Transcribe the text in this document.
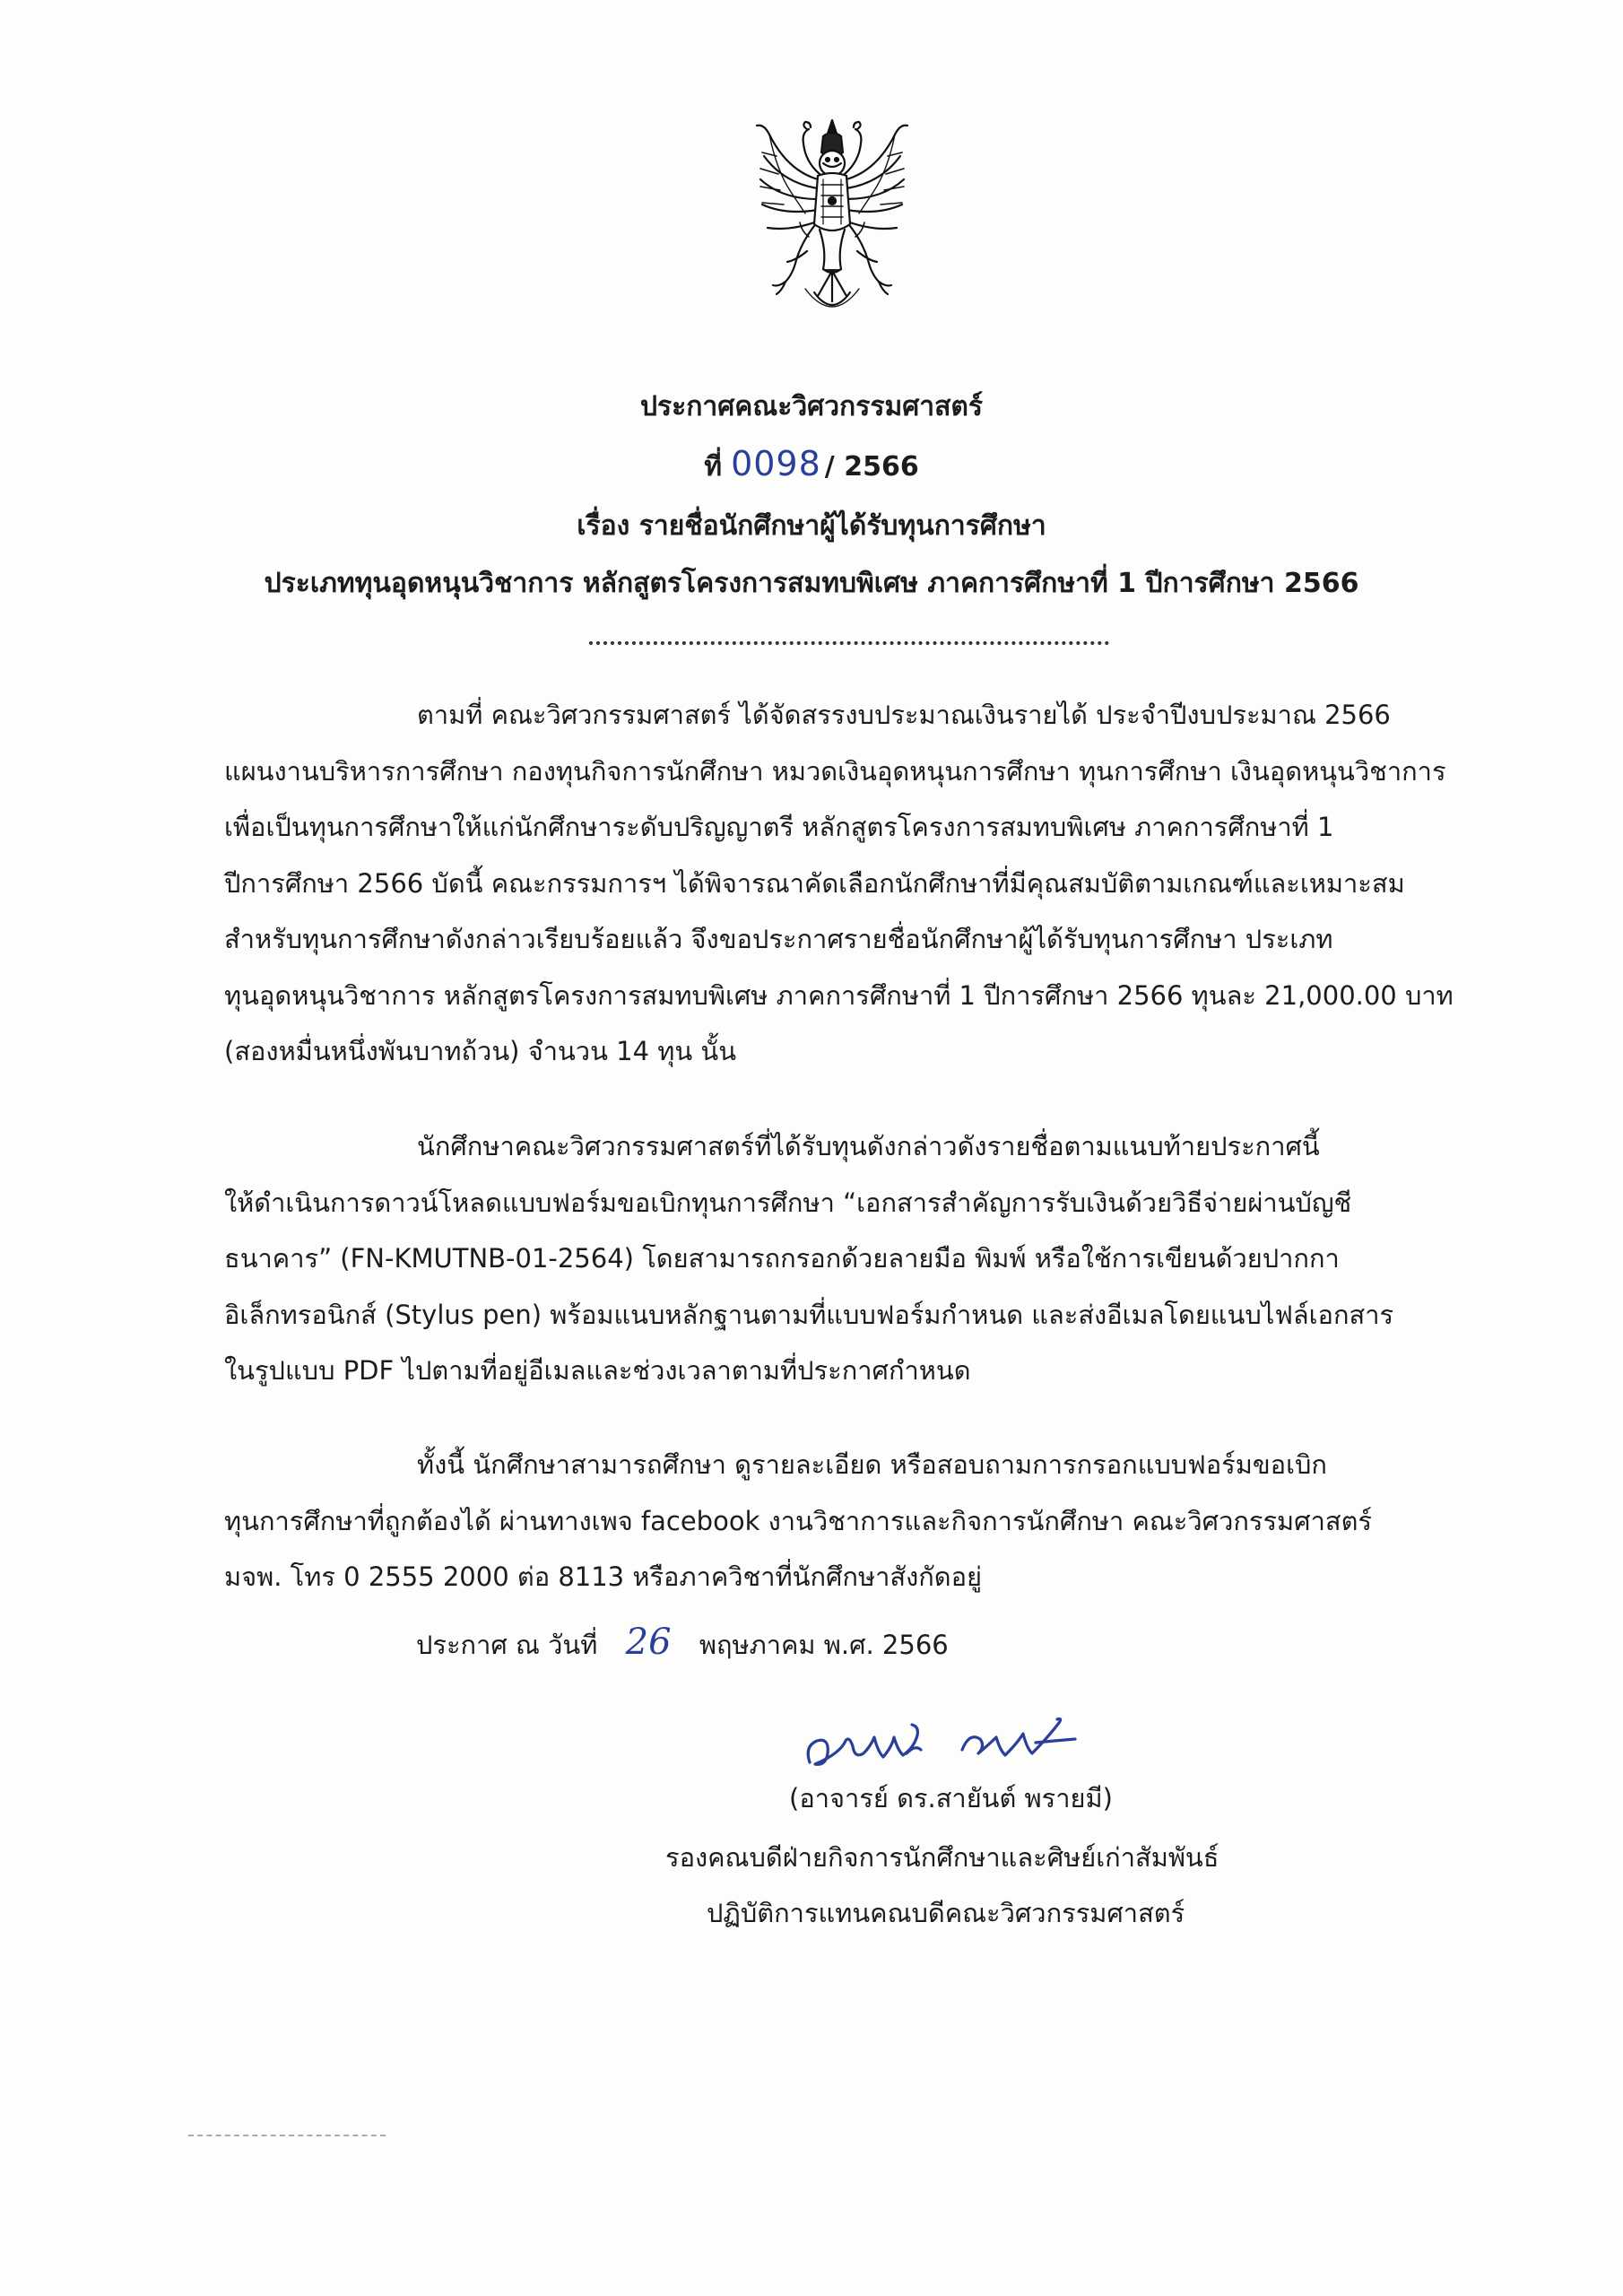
ประกาศคณะวิศวกรรมศาสตร์
ที่ 0098 / 2566
เรื่อง รายชื่อนักศึกษาผู้ได้รับทุนการศึกษา
ประเภททุนอุดหนุนวิชาการ หลักสูตรโครงการสมทบพิเศษ ภาคการศึกษาที่ 1 ปีการศึกษา 2566
ตามที่ คณะวิศวกรรมศาสตร์ ได้จัดสรรงบประมาณเงินรายได้ ประจำปีงบประมาณ 2566
แผนงานบริหารการศึกษา กองทุนกิจการนักศึกษา หมวดเงินอุดหนุนการศึกษา ทุนการศึกษา เงินอุดหนุนวิชาการ
เพื่อเป็นทุนการศึกษาให้แก่นักศึกษาระดับปริญญาตรี หลักสูตรโครงการสมทบพิเศษ ภาคการศึกษาที่ 1
ปีการศึกษา 2566 บัดนี้ คณะกรรมการฯ ได้พิจารณาคัดเลือกนักศึกษาที่มีคุณสมบัติตามเกณฑ์และเหมาะสม
สำหรับทุนการศึกษาดังกล่าวเรียบร้อยแล้ว จึงขอประกาศรายชื่อนักศึกษาผู้ได้รับทุนการศึกษา ประเภท
ทุนอุดหนุนวิชาการ หลักสูตรโครงการสมทบพิเศษ ภาคการศึกษาที่ 1 ปีการศึกษา 2566 ทุนละ 21,000.00 บาท
(สองหมื่นหนึ่งพันบาทถ้วน) จำนวน 14 ทุน นั้น
นักศึกษาคณะวิศวกรรมศาสตร์ที่ได้รับทุนดังกล่าวดังรายชื่อตามแนบท้ายประกาศนี้
ให้ดำเนินการดาวน์โหลดแบบฟอร์มขอเบิกทุนการศึกษา “เอกสารสำคัญการรับเงินด้วยวิธีจ่ายผ่านบัญชี
ธนาคาร” (FN-KMUTNB-01-2564) โดยสามารถกรอกด้วยลายมือ พิมพ์ หรือใช้การเขียนด้วยปากกา
อิเล็กทรอนิกส์ (Stylus pen) พร้อมแนบหลักฐานตามที่แบบฟอร์มกำหนด และส่งอีเมลโดยแนบไฟล์เอกสาร
ในรูปแบบ PDF ไปตามที่อยู่อีเมลและช่วงเวลาตามที่ประกาศกำหนด
ทั้งนี้ นักศึกษาสามารถศึกษา ดูรายละเอียด หรือสอบถามการกรอกแบบฟอร์มขอเบิก
ทุนการศึกษาที่ถูกต้องได้ ผ่านทางเพจ facebook งานวิชาการและกิจการนักศึกษา คณะวิศวกรรมศาสตร์
มจพ. โทร 0 2555 2000 ต่อ 8113 หรือภาควิชาที่นักศึกษาสังกัดอยู่
ประกาศ ณ วันที่ 26 พฤษภาคม พ.ศ. 2566
(อาจารย์ ดร.สายันต์ พรายมี)
รองคณบดีฝ่ายกิจการนักศึกษาและศิษย์เก่าสัมพันธ์
ปฏิบัติการแทนคณบดีคณะวิศวกรรมศาสตร์
